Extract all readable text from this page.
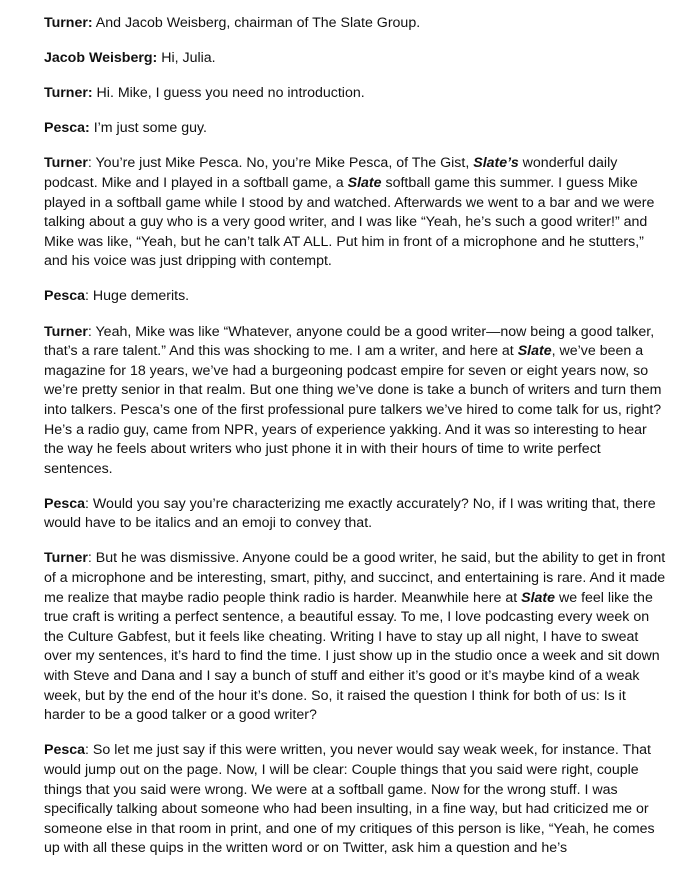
Turner: And Jacob Weisberg, chairman of The Slate Group.

Jacob Weisberg: Hi, Julia.

Turner: Hi. Mike, I guess you need no introduction.

Pesca: I’m just some guy.

Turner: You’re just Mike Pesca. No, you’re Mike Pesca, of The Gist, Slate’s wonderful daily podcast. Mike and I played in a softball game, a Slate softball game this summer. I guess Mike played in a softball game while I stood by and watched. Afterwards we went to a bar and we were talking about a guy who is a very good writer, and I was like “Yeah, he’s such a good writer!” and Mike was like, “Yeah, but he can’t talk AT ALL. Put him in front of a microphone and he stutters,” and his voice was just dripping with contempt.

Pesca: Huge demerits.

Turner: Yeah, Mike was like “Whatever, anyone could be a good writer—now being a good talker, that’s a rare talent.” And this was shocking to me. I am a writer, and here at Slate, we’ve been a magazine for 18 years, we’ve had a burgeoning podcast empire for seven or eight years now, so we’re pretty senior in that realm. But one thing we’ve done is take a bunch of writers and turn them into talkers. Pesca’s one of the first professional pure talkers we’ve hired to come talk for us, right? He’s a radio guy, came from NPR, years of experience yakking. And it was so interesting to hear the way he feels about writers who just phone it in with their hours of time to write perfect sentences.

Pesca: Would you say you’re characterizing me exactly accurately? No, if I was writing that, there would have to be italics and an emoji to convey that.

Turner: But he was dismissive. Anyone could be a good writer, he said, but the ability to get in front of a microphone and be interesting, smart, pithy, and succinct, and entertaining is rare. And it made me realize that maybe radio people think radio is harder. Meanwhile here at Slate we feel like the true craft is writing a perfect sentence, a beautiful essay. To me, I love podcasting every week on the Culture Gabfest, but it feels like cheating. Writing I have to stay up all night, I have to sweat over my sentences, it’s hard to find the time. I just show up in the studio once a week and sit down with Steve and Dana and I say a bunch of stuff and either it’s good or it’s maybe kind of a weak week, but by the end of the hour it’s done. So, it raised the question I think for both of us: Is it harder to be a good talker or a good writer?

Pesca: So let me just say if this were written, you never would say weak week, for instance. That would jump out on the page. Now, I will be clear: Couple things that you said were right, couple things that you said were wrong. We were at a softball game. Now for the wrong stuff. I was specifically talking about someone who had been insulting, in a fine way, but had criticized me or someone else in that room in print, and one of my critiques of this person is like, “Yeah, he comes up with all these quips in the written word or on Twitter, ask him a question and he’s
